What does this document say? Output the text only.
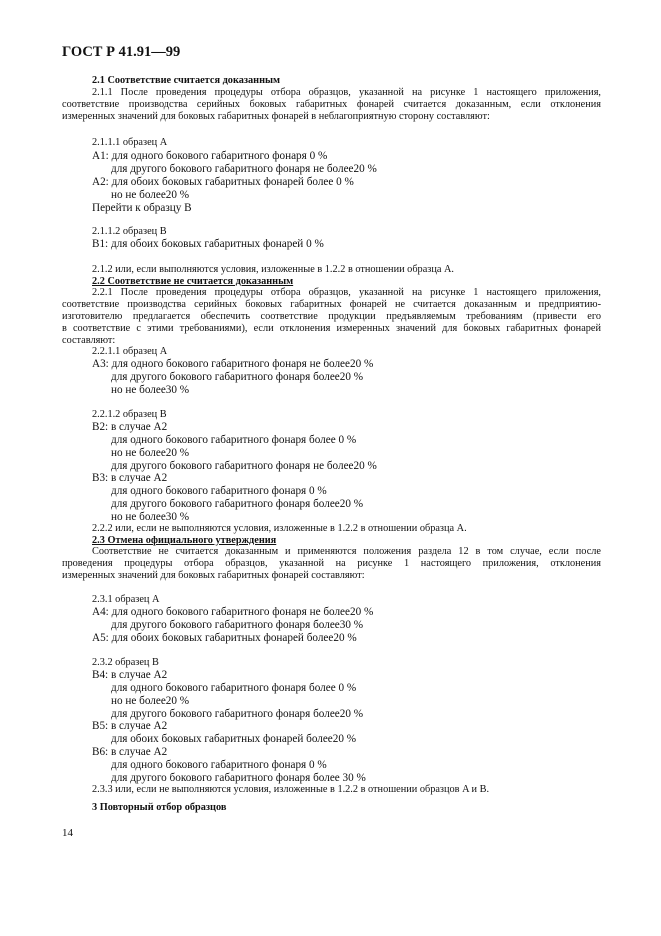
ГОСТ Р 41.91—99
2.1 Соответствие считается доказанным
2.1.1 После проведения процедуры отбора образцов, указанной на рисунке 1 настоящего приложения,
соответствие производства серийных боковых габаритных фонарей считается доказанным, если отклонения
измеренных значений для боковых габаритных фонарей в неблагоприятную сторону составляют:
2.1.1.1 образец A
A1: для одного бокового габаритного фонаря 0 %
для другого бокового габаритного фонаря не более20 %
A2: для обоих боковых габаритных фонарей более 0 %
но не более20 %
Перейти к образцу B
2.1.1.2 образец B
B1: для обоих боковых габаритных фонарей 0 %
2.1.2 или, если выполняются условия, изложенные в 1.2.2 в отношении образца A.
2.2 Соответствие не считается доказанным
2.2.1 После проведения процедуры отбора образцов, указанной на рисунке 1 настоящего приложения,
соответствие производства серийных боковых габаритных фонарей не считается доказанным и предприятию-
изготовителю предлагается обеспечить соответствие продукции предъявляемым требованиям (привести его
в соответствие с этими требованиями), если отклонения измеренных значений для боковых габаритных фонарей
составляют:
2.2.1.1 образец A
A3: для одного бокового габаритного фонаря не более20 %
для другого бокового габаритного фонаря более20 %
но не более30 %
2.2.1.2 образец B
B2: в случае A2
для одного бокового габаритного фонаря более 0 %
но не более20 %
для другого бокового габаритного фонаря не более20 %
B3: в случае A2
для одного бокового габаритного фонаря 0 %
для другого бокового габаритного фонаря более20 %
но не более30 %
2.2.2 или, если не выполняются условия, изложенные в 1.2.2 в отношении образца A.
2.3 Отмена официального утверждения
Соответствие не считается доказанным и применяются положения раздела 12 в том случае, если после
проведения процедуры отбора образцов, указанной на рисунке 1 настоящего приложения, отклонения
измеренных значений для боковых габаритных фонарей составляют:
2.3.1 образец A
A4: для одного бокового габаритного фонаря не более20 %
для другого бокового габаритного фонаря более30 %
A5: для обоих боковых габаритных фонарей более20 %
2.3.2 образец B
B4: в случае A2
для одного бокового габаритного фонаря более 0 %
но не более20 %
для другого бокового габаритного фонаря более20 %
B5: в случае A2
для обоих боковых габаритных фонарей более20 %
B6: в случае A2
для одного бокового габаритного фонаря 0 %
для другого бокового габаритного фонаря более 30 %
2.3.3 или, если не выполняются условия, изложенные в 1.2.2 в отношении образцов A и B.
3 Повторный отбор образцов
14
